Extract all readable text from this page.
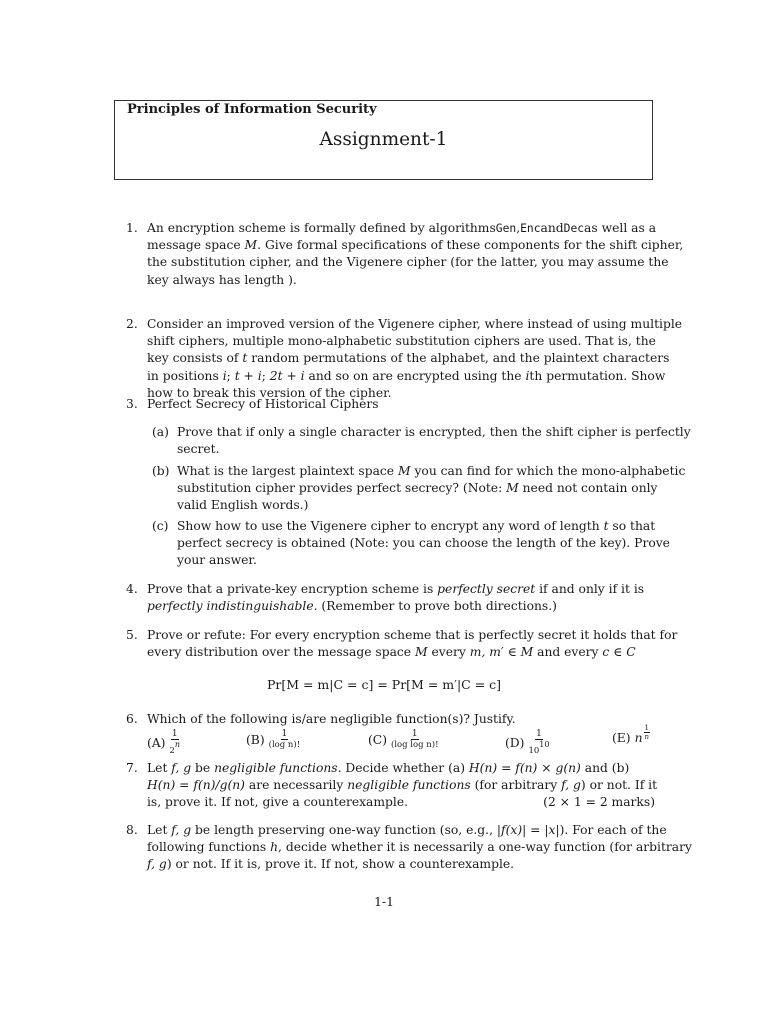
Principles of Information Security
Assignment-1
1. An encryption scheme is formally defined by algorithms Gen , Enc and Dec as well as a
message space M. Give formal specifications of these components for the shift cipher,
the substitution cipher, and the Vigenere cipher (for the latter, you may assume the
key always has length ).
2. Consider an improved version of the Vigenere cipher, where instead of using multiple
shift ciphers, multiple mono-alphabetic substitution ciphers are used. That is, the
key consists of t random permutations of the alphabet, and the plaintext characters
in positions i; t + i; 2t + i and so on are encrypted using the ith permutation. Show
how to break this version of the cipher.
3. Perfect Secrecy of Historical Ciphers
(a) Prove that if only a single character is encrypted, then the shift cipher is perfectly
secret.
(b) What is the largest plaintext space M you can find for which the mono-alphabetic
substitution cipher provides perfect secrecy? (Note: M need not contain only
valid English words.)
(c) Show how to use the Vigenere cipher to encrypt any word of length t so that
perfect secrecy is obtained (Note: you can choose the length of the key). Prove
your answer.
4. Prove that a private-key encryption scheme is perfectly secret if and only if it is
perfectly indistinguishable. (Remember to prove both directions.)
5. Prove or refute: For every encryption scheme that is perfectly secret it holds that for
every distribution over the message space M every m, m′ ∈ M and every c ∈ C
Pr[M = m|C = c] = Pr[M = m′|C = c]
6. Which of the following is/are negligible function(s)? Justify.
$(A) \frac{1}{2n}$	$(B) \frac{1}{\text{(log n)!}}$	$(C) \frac{1}{\text{(log log n)!}}$	$(D) \frac{1}{1010}$	(E) n $\frac{1}{n}$
7. Let f, g be negligible functions. Decide whether (a) H(n) = f(n) × g(n) and (b)
H(n) = f(n)/g(n) are necessarily negligible functions (for arbitrary f, g) or not. If it
is, prove it. If not, give a counterexample.	(2 × 1 = 2 marks)
8. Let f, g be length preserving one-way function (so, e.g., |f(x)| = |x|). For each of the
following functions h, decide whether it is necessarily a one-way function (for arbitrary
f, g) or not. If it is, prove it. If not, show a counterexample.
1-1
